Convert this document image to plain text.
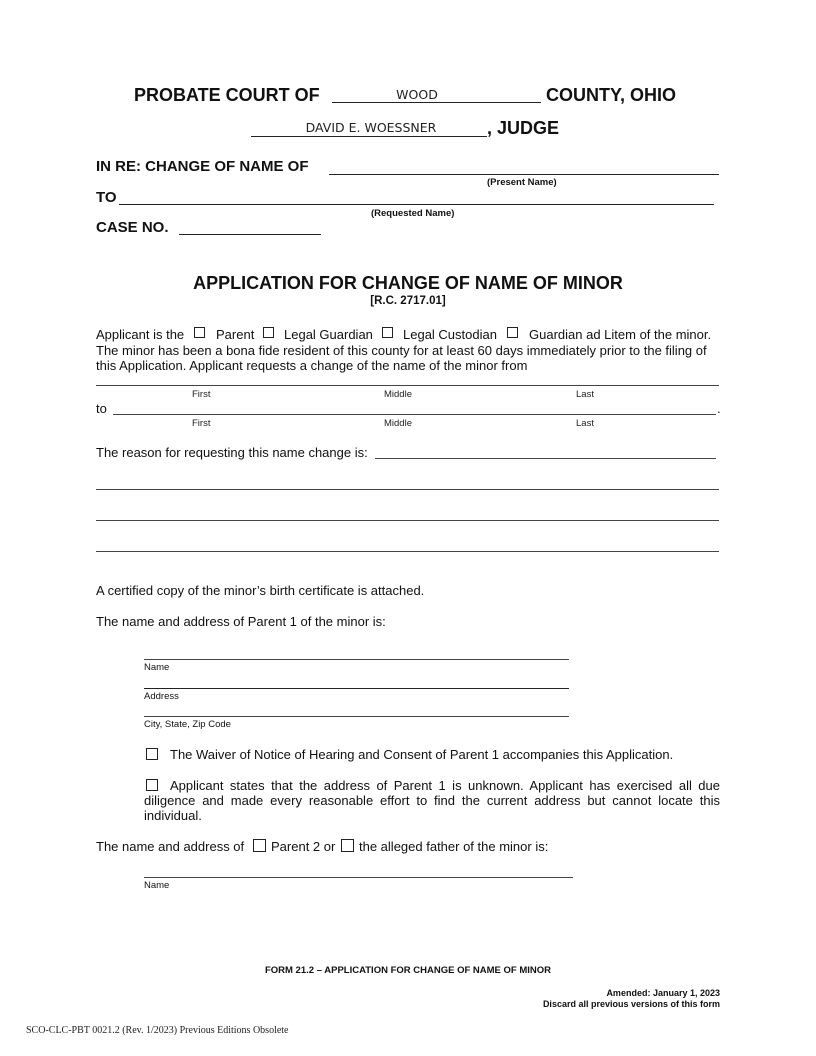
PROBATE COURT OF	WOOD	COUNTY, OHIO
DAVID E. WOESSNER	, JUDGE
IN RE: CHANGE OF NAME OF
(Present Name)
TO
(Requested Name)
CASE NO.
APPLICATION FOR CHANGE OF NAME OF MINOR
[R.C. 2717.01]
Applicant is the Parent Legal Guardian Legal Custodian Guardian ad Litem of the minor.
The minor has been a bona fide resident of this county for at least 60 days immediately prior to the filing of
this Application. Applicant requests a change of the name of the minor from
First	Middle	Last
to	.
First	Middle	Last
The reason for requesting this name change is:
A certified copy of the minor’s birth certificate is attached.
The name and address of Parent 1 of the minor is:
Name
Address
City, State, Zip Code
The Waiver of Notice of Hearing and Consent of Parent 1 accompanies this Application.
Applicant states that the address of Parent 1 is unknown. Applicant has exercised all due
diligence and made every reasonable effort to find the current address but cannot locate this
individual.
The name and address of Parent 2 or the alleged father of the minor is:
Name
FORM 21.2 – APPLICATION FOR CHANGE OF NAME OF MINOR
Amended: January 1, 2023
Discard all previous versions of this form
SCO-CLC-PBT 0021.2 (Rev. 1/2023) Previous Editions Obsolete
